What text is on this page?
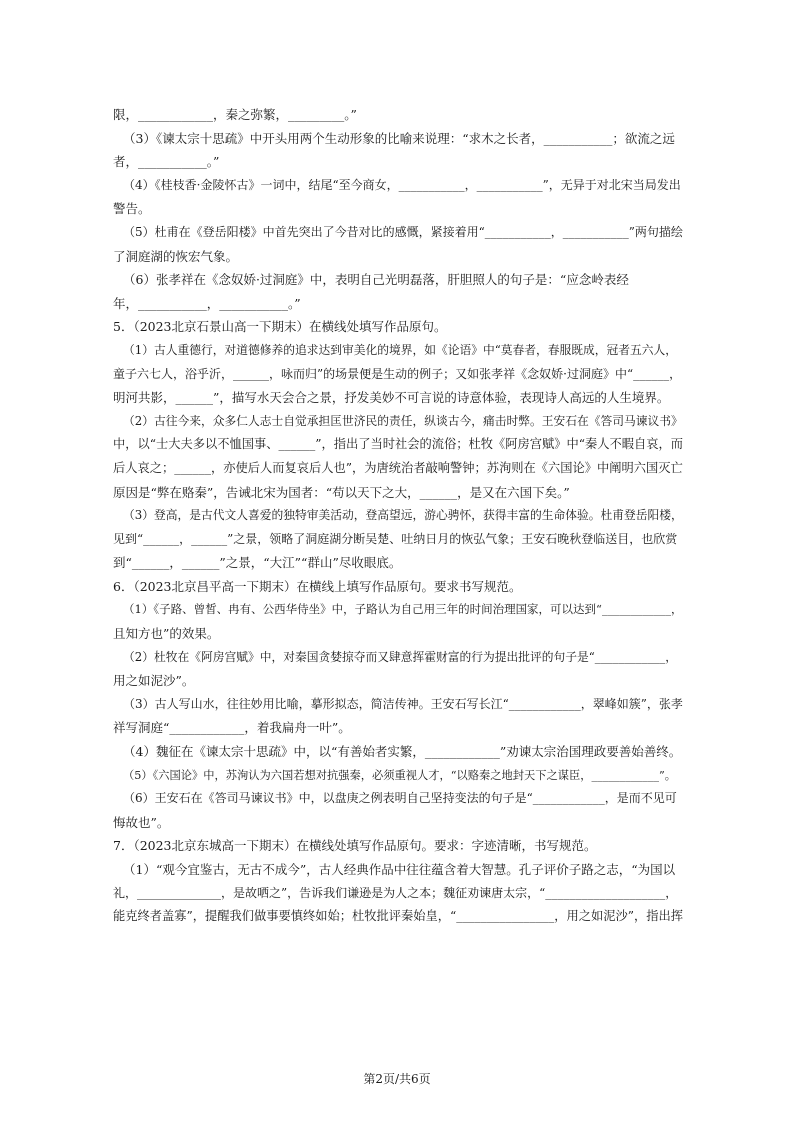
限，____________，秦之弥繁，_________。”
（3）《谏太宗十思疏》中开头用两个生动形象的比喻来说理：“求木之长者，___________；欲流之远
者，___________。”
（4）《桂枝香·金陵怀古》一词中，结尾“至今商女，___________，___________”，无异于对北宋当局发出
警告。
（5）杜甫在《登岳阳楼》中首先突出了今昔对比的感慨，紧接着用“___________，___________”两句描绘
了洞庭湖的恢宏气象。
（6）张孝祥在《念奴娇·过洞庭》中，表明自己光明磊落，肝胆照人的句子是：“应念岭表经
年，___________，___________。”
5．（2023北京石景山高一下期末）在横线处填写作品原句。
（1）古人重德行，对道德修养的追求达到审美化的境界，如《论语》中“莫春者，春服既成，冠者五六人，
童子六七人，浴乎沂，______，咏而归”的场景便是生动的例子；又如张孝祥《念奴娇·过洞庭》中“______，
明河共影，______”，描写水天会合之景，抒发美妙不可言说的诗意体验，表现诗人高远的人生境界。
（2）古往今来，众多仁人志士自觉承担匡世济民的责任，纵谈古今，痛击时弊。王安石在《答司马谏议书》
中，以“士大夫多以不恤国事、______”，指出了当时社会的流俗；杜牧《阿房宫赋》中“秦人不暇自哀，而
后人哀之；______，亦使后人而复哀后人也”，为唐统治者敲响警钟；苏洵则在《六国论》中阐明六国灭亡
原因是“弊在赂秦”，告诫北宋为国者：“苟以天下之大，______，是又在六国下矣。”
（3）登高，是古代文人喜爱的独特审美活动，登高望远，游心骋怀，获得丰富的生命体验。杜甫登岳阳楼，
见到“______，______”之景，领略了洞庭湖分断吴楚、吐纳日月的恢弘气象；王安石晚秋登临送目，也欣赏
到“______，______”之景，“大江”“群山”尽收眼底。
6．（2023北京昌平高一下期末）在横线上填写作品原句。要求书写规范。
（1）《子路、曾皙、冉有、公西华侍坐》中，子路认为自己用三年的时间治理国家，可以达到“____________，
且知方也”的效果。
（2）杜牧在《阿房宫赋》中，对秦国贪婪掠夺而又肆意挥霍财富的行为提出批评的句子是“____________，
用之如泥沙”。
（3）古人写山水，往往妙用比喻，摹形拟态，简洁传神。王安石写长江“____________，翠峰如簇”，张孝
祥写洞庭“____________，着我扁舟一叶”。
（4）魏征在《谏太宗十思疏》中，以“有善始者实繁，____________”劝谏太宗治国理政要善始善终。
（5）《六国论》中，苏洵认为六国若想对抗强秦，必须重视人才，“以赂秦之地封天下之谋臣，____________”。
（6）王安石在《答司马谏议书》中，以盘庚之例表明自己坚持变法的句子是“____________，是而不见可
悔故也”。
7．（2023北京东城高一下期末）在横线处填写作品原句。要求：字迹清晰，书写规范。
（1）“观今宜鉴古，无古不成今”，古人经典作品中往往蕴含着大智慧。孔子评价子路之志，“为国以
礼，______________，是故哂之”，告诉我们谦逊是为人之本；魏征劝谏唐太宗，“____________________，
能克终者盖寡”，提醒我们做事要慎终如始；杜牧批评秦始皇，“________________，用之如泥沙”，指出挥
第2页/共6页
